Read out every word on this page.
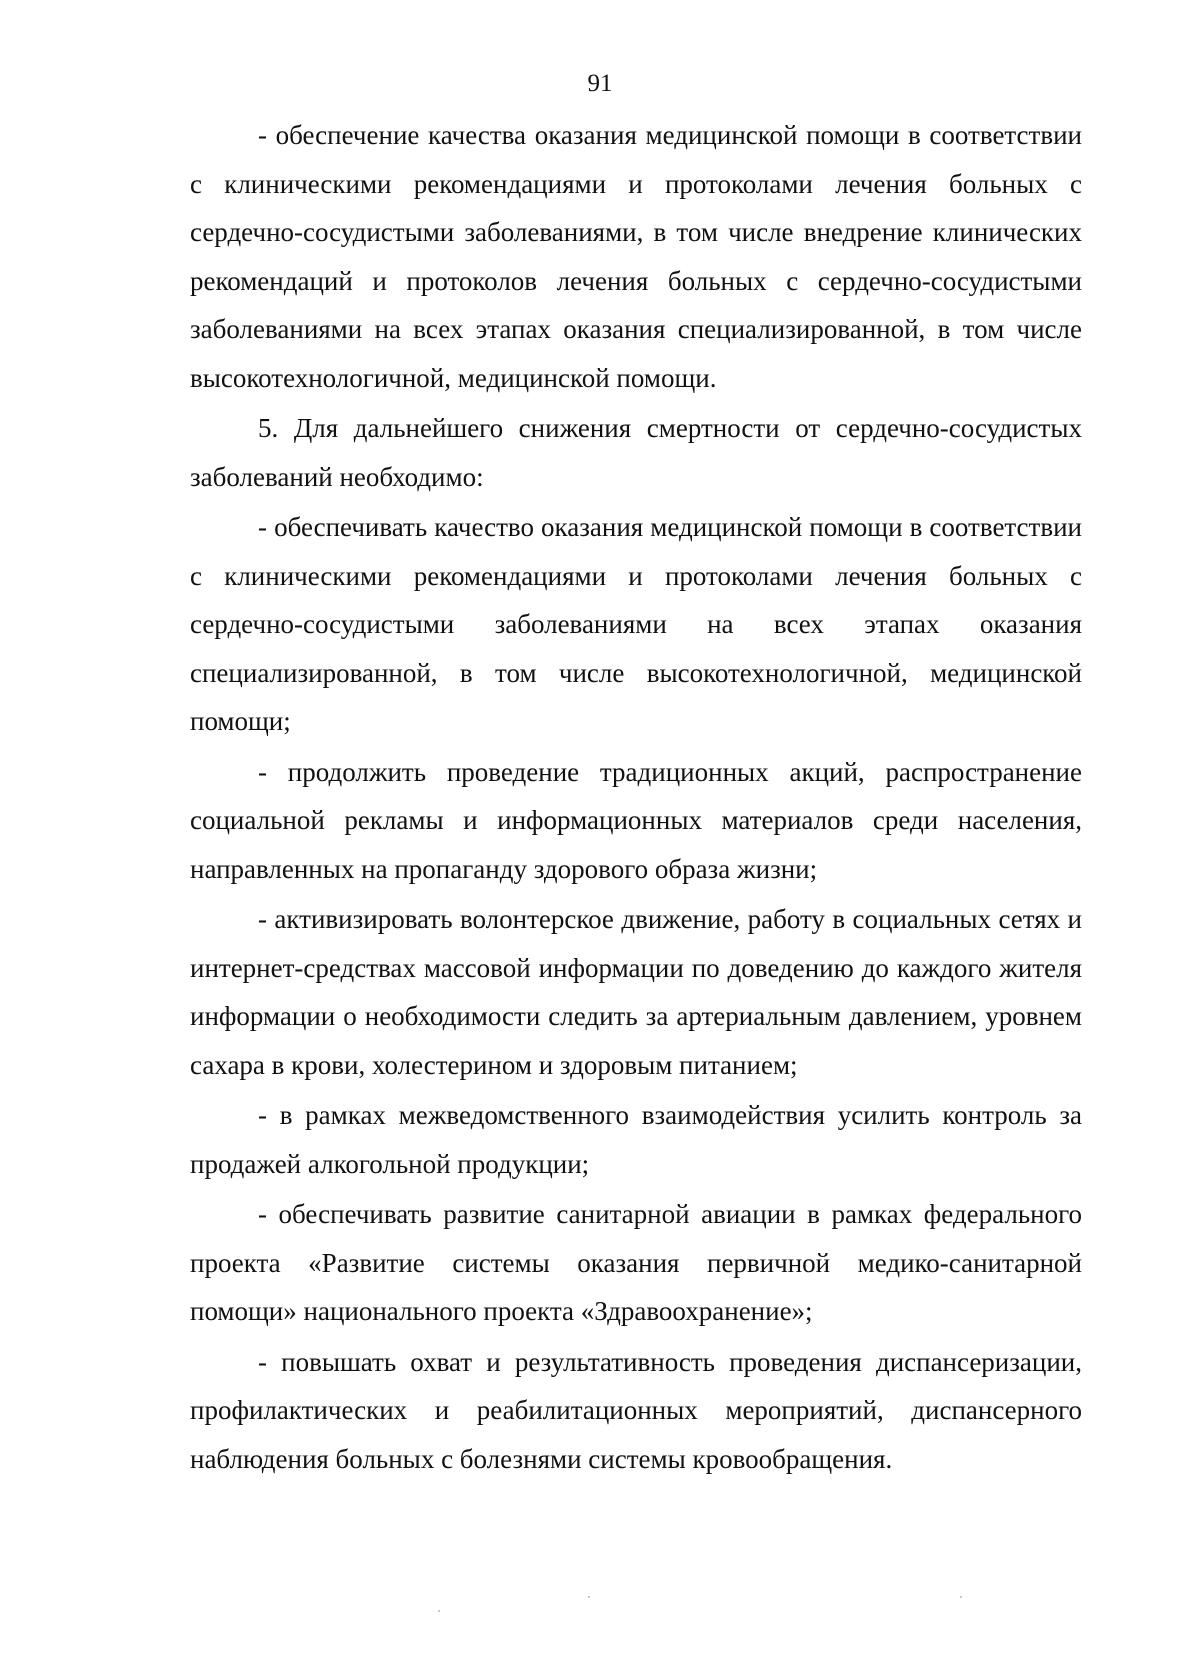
91

- обеспечение качества оказания медицинской помощи в соответствии с клиническими рекомендациями и протоколами лечения больных с сердечно-сосудистыми заболеваниями, в том числе внедрение клинических рекомендаций и протоколов лечения больных с сердечно-сосудистыми заболеваниями на всех этапах оказания специализированной, в том числе высокотехнологичной, медицинской помощи.

5. Для дальнейшего снижения смертности от сердечно-сосудистых заболеваний необходимо:

- обеспечивать качество оказания медицинской помощи в соответствии с клиническими рекомендациями и протоколами лечения больных с сердечно-сосудистыми заболеваниями на всех этапах оказания специализированной, в том числе высокотехнологичной, медицинской помощи;

- продолжить проведение традиционных акций, распространение социальной рекламы и информационных материалов среди населения, направленных на пропаганду здорового образа жизни;

- активизировать волонтерское движение, работу в социальных сетях и интернет-средствах массовой информации по доведению до каждого жителя информации о необходимости следить за артериальным давлением, уровнем сахара в крови, холестерином и здоровым питанием;

- в рамках межведомственного взаимодействия усилить контроль за продажей алкогольной продукции;

- обеспечивать развитие санитарной авиации в рамках федерального проекта «Развитие системы оказания первичной медико-санитарной помощи» национального проекта «Здравоохранение»;

- повышать охват и результативность проведения диспансеризации, профилактических и реабилитационных мероприятий, диспансерного наблюдения больных с болезнями системы кровообращения.
